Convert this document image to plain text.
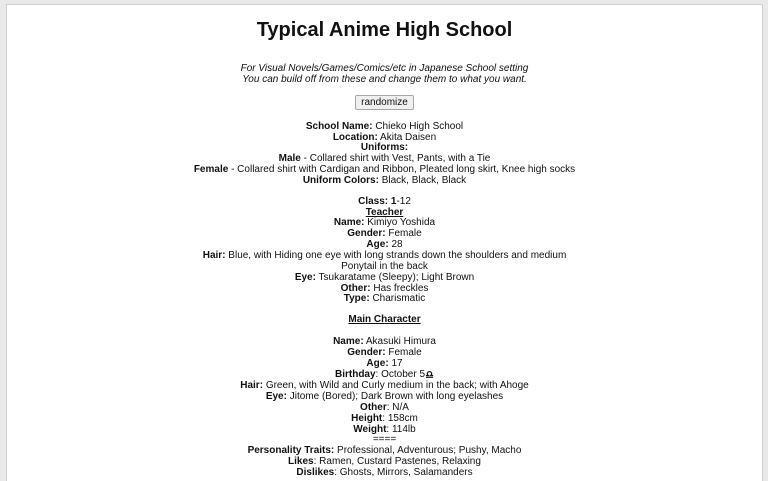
Typical Anime High School
For Visual Novels/Games/Comics/etc in Japanese School setting
You can build off from these and change them to what you want.
randomize
School Name: Chieko High School
Location: Akita Daisen
Uniforms:
Male - Collared shirt with Vest, Pants, with a Tie
Female - Collared shirt with Cardigan and Ribbon, Pleated long skirt, Knee high socks
Uniform Colors: Black, Black, Black
Class: 1-12
Teacher
Name: Kimiyo Yoshida
Gender: Female
Age: 28
Hair: Blue, with Hiding one eye with long strands down the shoulders and medium Ponytail in the back
Eye: Tsukaratame (Sleepy); Light Brown
Other: Has freckles
Type: Charismatic
Main Character
Name: Akasuki Himura
Gender: Female
Age: 17
Birthday: October 5
Hair: Green, with Wild and Curly medium in the back; with Ahoge
Eye: Jitome (Bored); Dark Brown with long eyelashes
Other: N/A
Height: 158cm
Weight: 114lb
====
Personality Traits: Professional, Adventurous; Pushy, Macho
Likes: Ramen, Custard Pastenes, Relaxing
Dislikes: Ghosts, Mirrors, Salamanders
